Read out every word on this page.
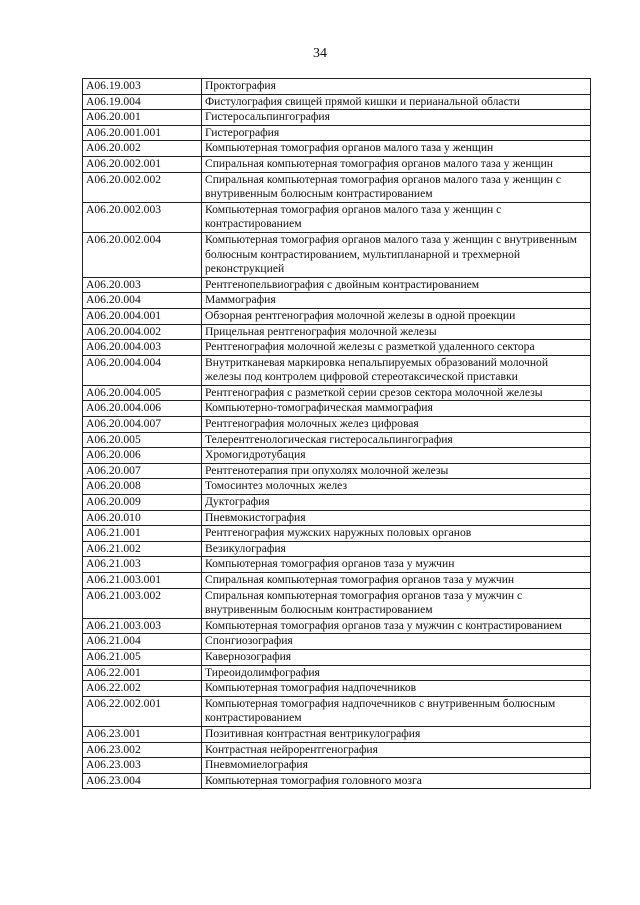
34
A06.19.003	Проктография
A06.19.004	Фистулография свищей прямой кишки и перианальной области
A06.20.001	Гистеросальпингография
A06.20.001.001	Гистерография
A06.20.002	Компьютерная томография органов малого таза у женщин
A06.20.002.001	Спиральная компьютерная томография органов малого таза у женщин
A06.20.002.002	Спиральная компьютерная томография органов малого таза у женщин с внутривенным болюсным контрастированием
A06.20.002.003	Компьютерная томография органов малого таза у женщин с контрастированием
A06.20.002.004	Компьютерная томография органов малого таза у женщин с внутривенным болюсным контрастированием, мультипланарной и трехмерной реконструкцией
A06.20.003	Рентгенопельвиография с двойным контрастированием
A06.20.004	Маммография
A06.20.004.001	Обзорная рентгенография молочной железы в одной проекции
A06.20.004.002	Прицельная рентгенография молочной железы
A06.20.004.003	Рентгенография молочной железы с разметкой удаленного сектора
A06.20.004.004	Внутритканевая маркировка непальпируемых образований молочной железы под контролем цифровой стереотаксической приставки
A06.20.004.005	Рентгенография с разметкой серии срезов сектора молочной железы
A06.20.004.006	Компьютерно-томографическая маммография
A06.20.004.007	Рентгенография молочных желез цифровая
A06.20.005	Телерентгенологическая гистеросальпингография
A06.20.006	Хромогидротубация
A06.20.007	Рентгенотерапия при опухолях молочной железы
A06.20.008	Томосинтез молочных желез
A06.20.009	Дуктография
A06.20.010	Пневмокистография
A06.21.001	Рентгенография мужских наружных половых органов
A06.21.002	Везикулография
A06.21.003	Компьютерная томография органов таза у мужчин
A06.21.003.001	Спиральная компьютерная томография органов таза у мужчин
A06.21.003.002	Спиральная компьютерная томография органов таза у мужчин с внутривенным болюсным контрастированием
A06.21.003.003	Компьютерная томография органов таза у мужчин с контрастированием
A06.21.004	Спонгиозография
A06.21.005	Кавернозография
A06.22.001	Тиреоидолимфография
A06.22.002	Компьютерная томография надпочечников
A06.22.002.001	Компьютерная томография надпочечников с внутривенным болюсным контрастированием
A06.23.001	Позитивная контрастная вентрикулография
A06.23.002	Контрастная нейрорентгенография
A06.23.003	Пневмомиелография
A06.23.004	Компьютерная томография головного мозга
